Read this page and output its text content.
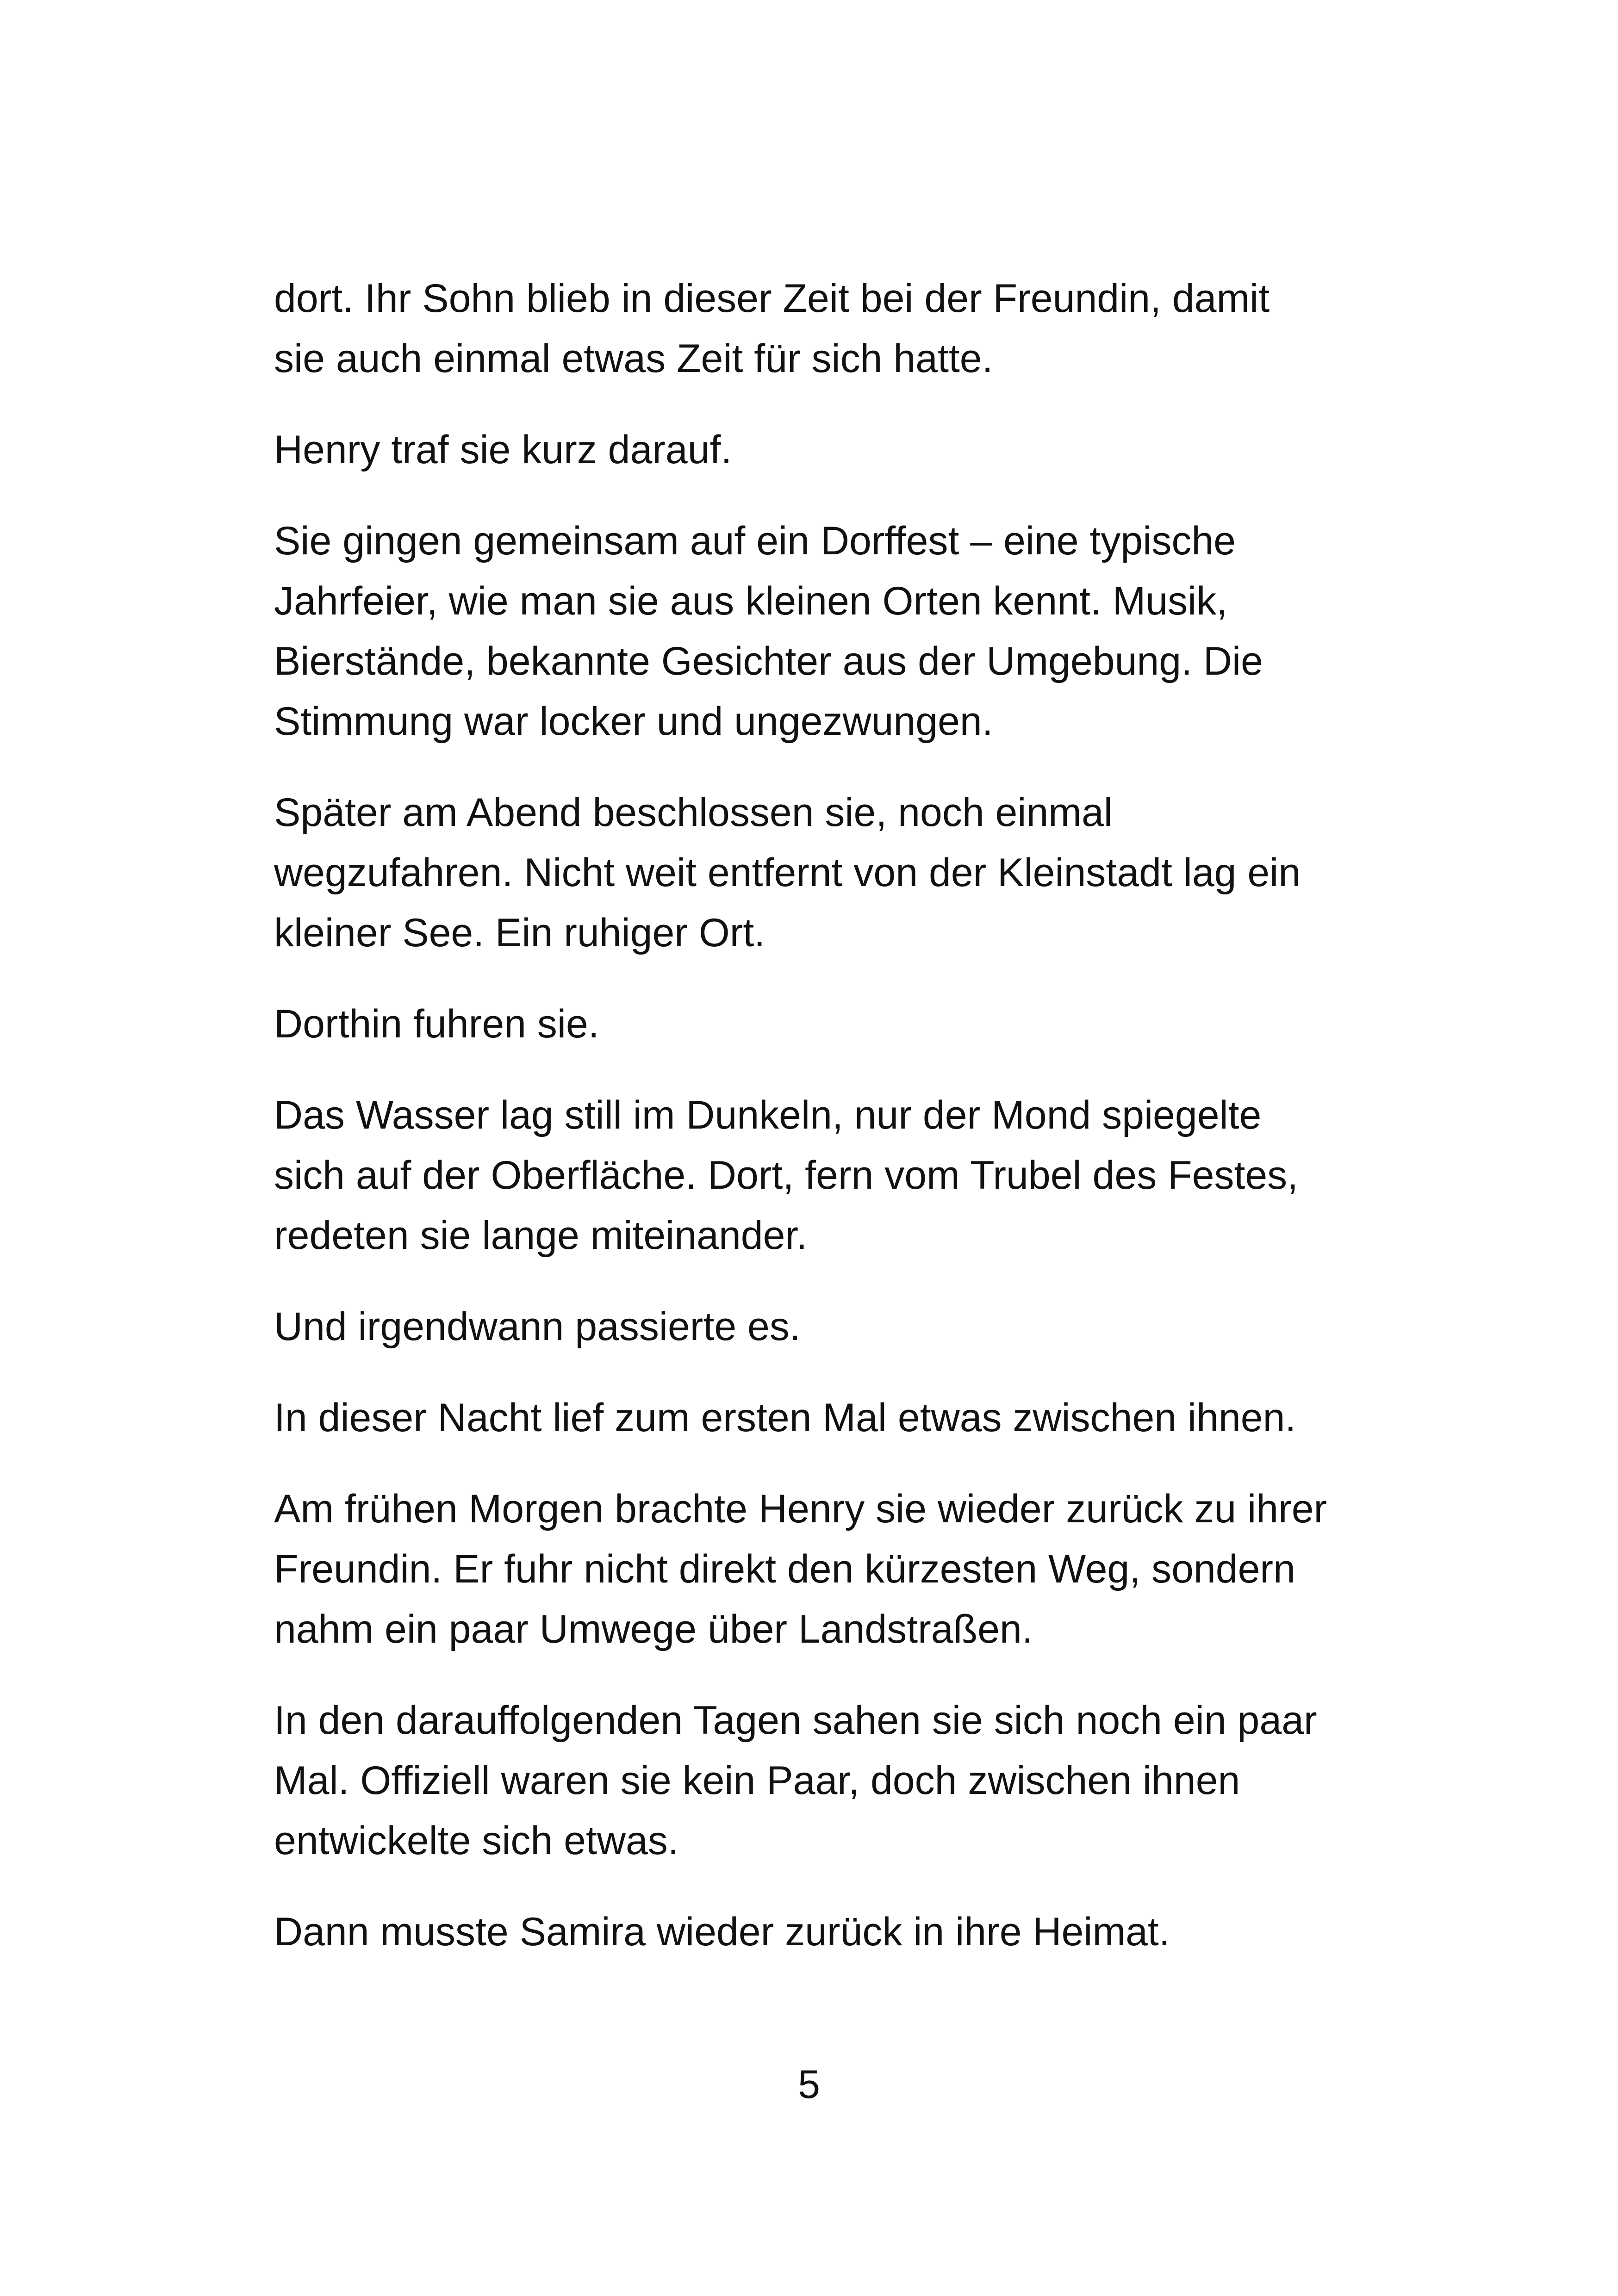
dort. Ihr Sohn blieb in dieser Zeit bei der Freundin, damit
sie auch einmal etwas Zeit für sich hatte.

Henry traf sie kurz darauf.

Sie gingen gemeinsam auf ein Dorffest – eine typische
Jahrfeier, wie man sie aus kleinen Orten kennt. Musik,
Bierstände, bekannte Gesichter aus der Umgebung. Die
Stimmung war locker und ungezwungen.

Später am Abend beschlossen sie, noch einmal
wegzufahren. Nicht weit entfernt von der Kleinstadt lag ein
kleiner See. Ein ruhiger Ort.

Dorthin fuhren sie.

Das Wasser lag still im Dunkeln, nur der Mond spiegelte
sich auf der Oberfläche. Dort, fern vom Trubel des Festes,
redeten sie lange miteinander.

Und irgendwann passierte es.

In dieser Nacht lief zum ersten Mal etwas zwischen ihnen.

Am frühen Morgen brachte Henry sie wieder zurück zu ihrer
Freundin. Er fuhr nicht direkt den kürzesten Weg, sondern
nahm ein paar Umwege über Landstraßen.

In den darauffolgenden Tagen sahen sie sich noch ein paar
Mal. Offiziell waren sie kein Paar, doch zwischen ihnen
entwickelte sich etwas.

Dann musste Samira wieder zurück in ihre Heimat.

5
